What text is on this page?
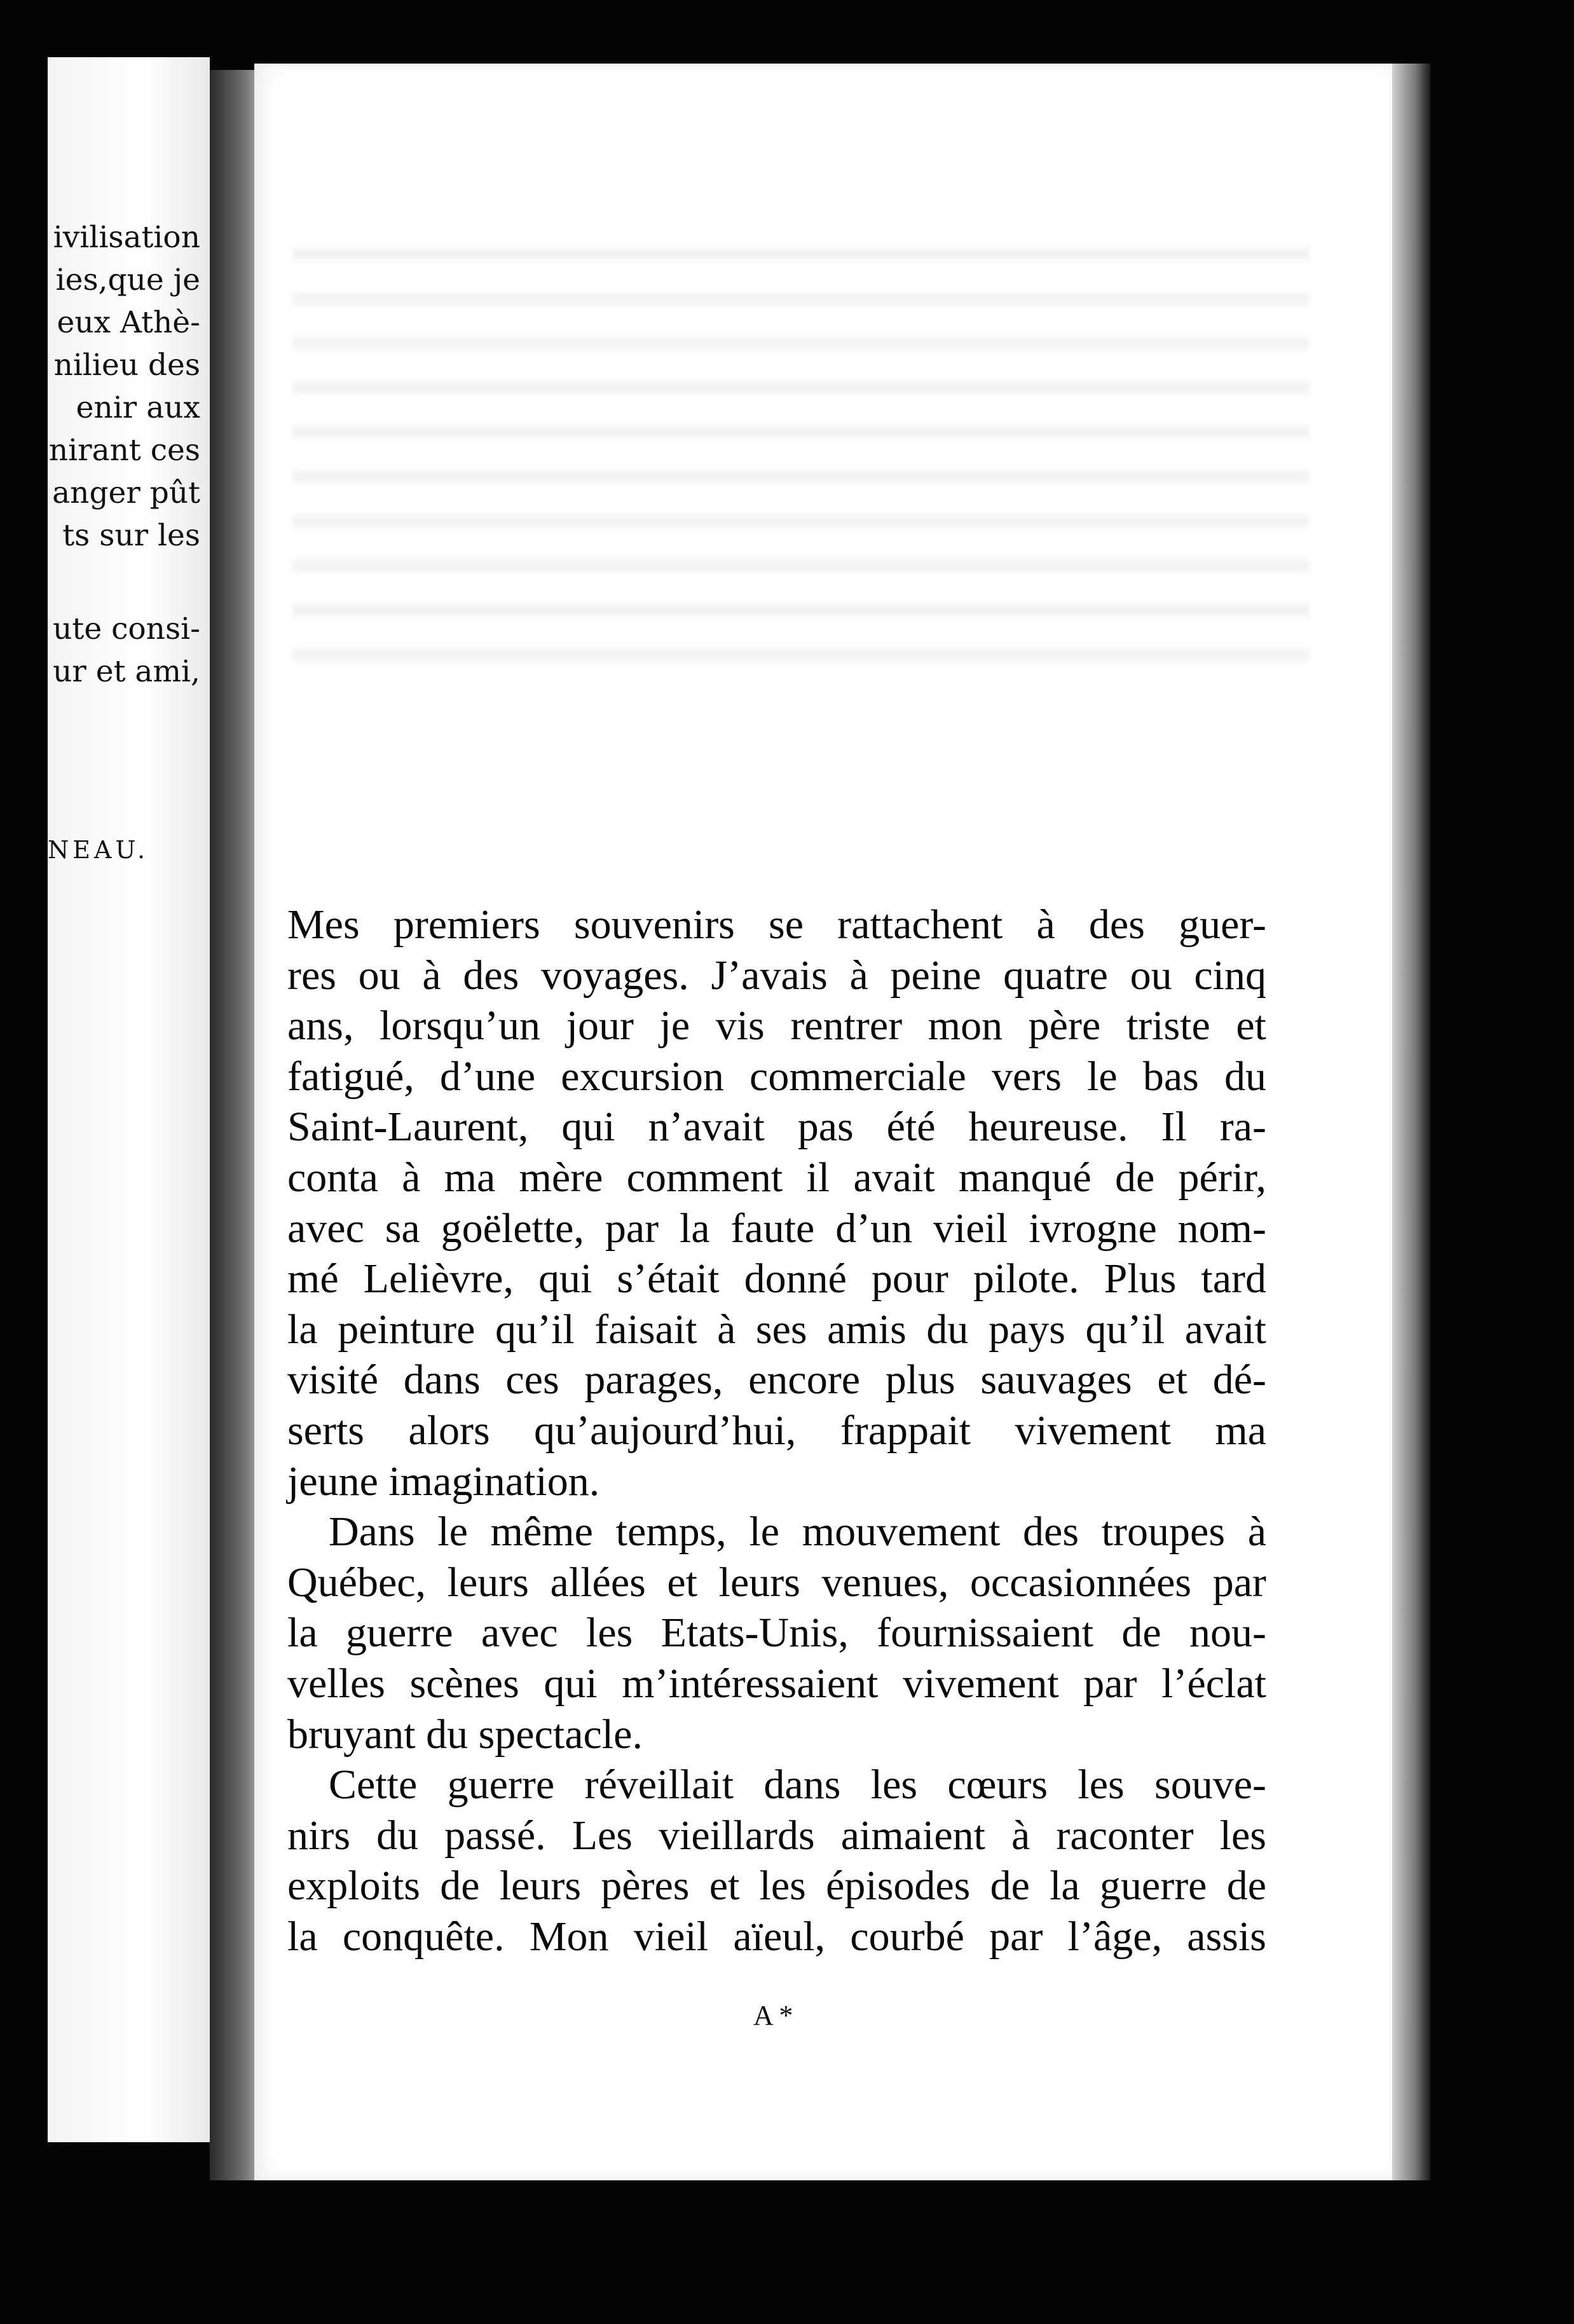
ivilisation
ies,que je
eux Athè-
nilieu des
enir aux
nirant ces
anger pût
ts sur les
ute consi-
ur et ami,
NEAU.
Mes premiers souvenirs se rattachent à des guer-
res ou à des voyages. J’avais à peine quatre ou cinq
ans, lorsqu’un jour je vis rentrer mon père triste et
fatigué, d’une excursion commerciale vers le bas du
Saint-Laurent, qui n’avait pas été heureuse. Il ra-
conta à ma mère comment il avait manqué de périr,
avec sa goëlette, par la faute d’un vieil ivrogne nom-
mé Lelièvre, qui s’était donné pour pilote. Plus tard
la peinture qu’il faisait à ses amis du pays qu’il avait
visité dans ces parages, encore plus sauvages et dé-
serts alors qu’aujourd’hui, frappait vivement ma
jeune imagination.
Dans le même temps, le mouvement des troupes à
Québec, leurs allées et leurs venues, occasionnées par
la guerre avec les Etats-Unis, fournissaient de nou-
velles scènes qui m’intéressaient vivement par l’éclat
bruyant du spectacle.
Cette guerre réveillait dans les cœurs les souve-
nirs du passé. Les vieillards aimaient à raconter les
exploits de leurs pères et les épisodes de la guerre de
la conquête. Mon vieil aïeul, courbé par l’âge, assis
A *
